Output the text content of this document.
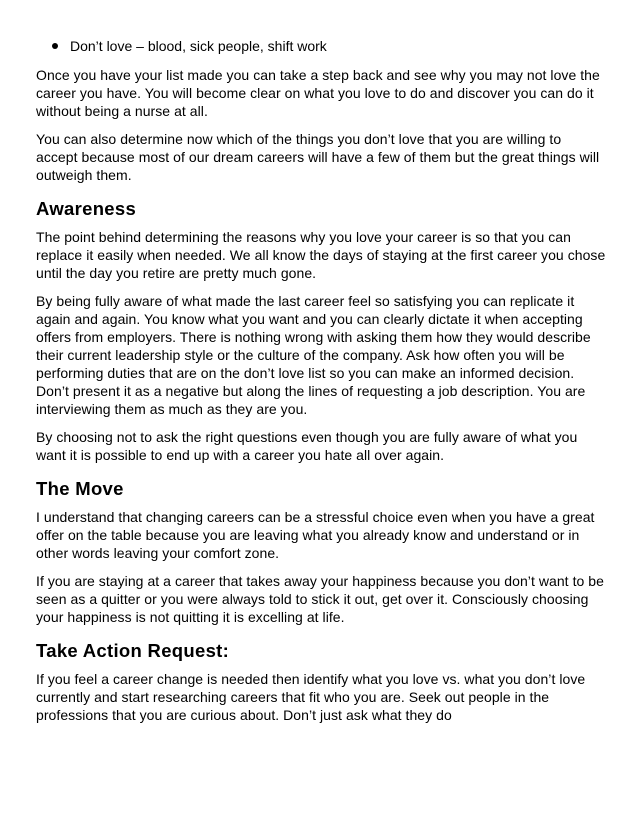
Don’t love – blood, sick people, shift work

Once you have your list made you can take a step back and see why you may not love the career you have. You will become clear on what you love to do and discover you can do it without being a nurse at all.

You can also determine now which of the things you don’t love that you are willing to accept because most of our dream careers will have a few of them but the great things will outweigh them.

Awareness

The point behind determining the reasons why you love your career is so that you can replace it easily when needed. We all know the days of staying at the first career you chose until the day you retire are pretty much gone.

By being fully aware of what made the last career feel so satisfying you can replicate it again and again. You know what you want and you can clearly dictate it when accepting offers from employers. There is nothing wrong with asking them how they would describe their current leadership style or the culture of the company. Ask how often you will be performing duties that are on the don’t love list so you can make an informed decision. Don’t present it as a negative but along the lines of requesting a job description. You are interviewing them as much as they are you.

By choosing not to ask the right questions even though you are fully aware of what you want it is possible to end up with a career you hate all over again.

The Move

I understand that changing careers can be a stressful choice even when you have a great offer on the table because you are leaving what you already know and understand or in other words leaving your comfort zone.

If you are staying at a career that takes away your happiness because you don’t want to be seen as a quitter or you were always told to stick it out, get over it. Consciously choosing your happiness is not quitting it is excelling at life.

Take Action Request:

If you feel a career change is needed then identify what you love vs. what you don’t love currently and start researching careers that fit who you are. Seek out people in the professions that you are curious about. Don’t just ask what they do
